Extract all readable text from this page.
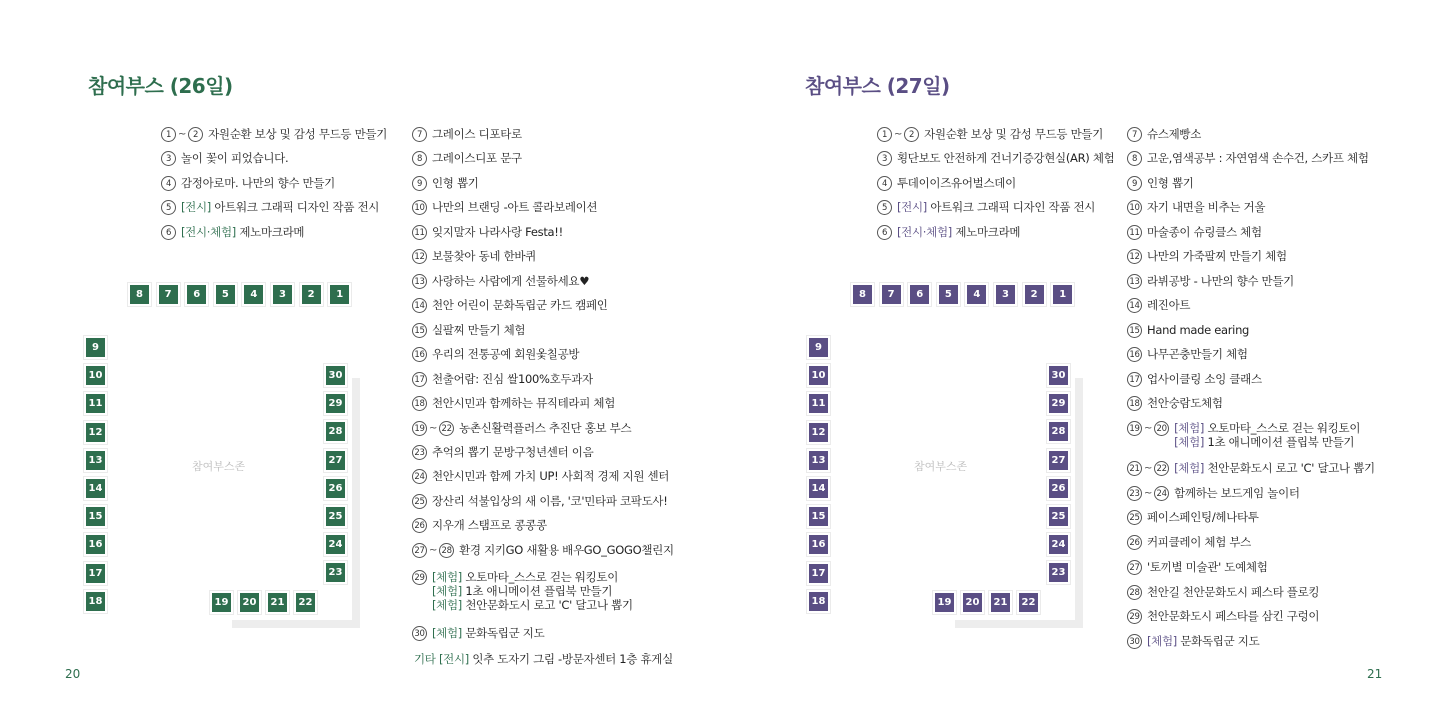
참여부스 (26일)
1 ~ 2 자원순환 보상 및 감성 무드등 만들기
3 놀이 꽃이 피었습니다.
4 감정아로마. 나만의 향수 만들기
5 [전시] 아트워크 그래픽 디자인 작품 전시
6 [전시·체험] 제노마크라메
7 그레이스 디포타로
8 그레이스디포 문구
9 인형 뽑기
10 나만의 브랜딩 -아트 콜라보레이션
11 잊지말자 나라사랑 Festa!!
12 보물찾아 동네 한바퀴
13 사랑하는 사람에게 선물하세요♥
14 천안 어린이 문화독립군 카드 캠페인
15 실팔찌 만들기 체험
16 우리의 전통공예 회원옻칠공방
17 천출어람: 진심 쌀100%호두과자
18 천안시민과 함께하는 뮤직테라피 체험
19 ~ 22 농촌신활력플러스 추진단 홍보 부스
23 추억의 뽑기 문방구청년센터 이음
24 천안시민과 함께 가치 UP! 사회적 경제 지원 센터
25 장산리 석불입상의 새 이름, '코'민타파 코팍도사!
26 지우개 스탬프로 콩콩콩
27 ~ 28 환경 지키GO 새활용 배우GO_GOGO챌린지
29 [체험] 오토마타_스스로 걷는 워킹토이
[체험] 1초 애니메이션 플립북 만들기
[체험] 천안문화도시 로고 'C' 달고나 뽑기
30 [체험] 문화독립군 지도
참여부스존
8	7	6	5	4	3	2	1
9
10
11
12
13
14
15
16
17
18
30
29
28
27
26
25
24
23
19	20	21	22
기타 [전시] 잇추 도자기 그림 -방문자센터 1층 휴게실
20
참여부스 (27일)
1 ~ 2 자원순환 보상 및 감성 무드등 만들기
3 횡단보도 안전하게 건너기증강현실(AR) 체험
4 투데이이즈유어벌스데이
5 [전시] 아트워크 그래픽 디자인 작품 전시
6 [전시·체험] 제노마크라메
7 슈스제빵소
8 고운,염색공부 : 자연염색 손수건, 스카프 체험
9 인형 뽑기
10 자기 내면을 비추는 거울
11 마술종이 슈링클스 체험
12 나만의 가죽팔찌 만들기 체험
13 라뷔공방 - 나만의 향수 만들기
14 레진아트
15 Hand made earing
16 나무곤충만들기 체험
17 업사이클링 소잉 클래스
18 천안숭람도체험
19 ~ 20 [체험] 오토마타_스스로 걷는 워킹토이
[체험] 1초 애니메이션 플립북 만들기
21 ~ 22 [체험] 천안문화도시 로고 'C' 달고나 뽑기
23 ~ 24 함께하는 보드게임 놀이터
25 페이스페인팅/헤나타투
26 커피클레이 체험 부스
27 '토끼별 미술관' 도예체험
28 천안길 천안문화도시 페스타 플로킹
29 천안문화도시 페스타를 삼킨 구렁이
30 [체험] 문화독립군 지도
참여부스존
8	7	6	5	4	3	2	1
9
10
11
12
13
14
15
16
17
18
30
29
28
27
26
25
24
23
19	20	21	22
21
